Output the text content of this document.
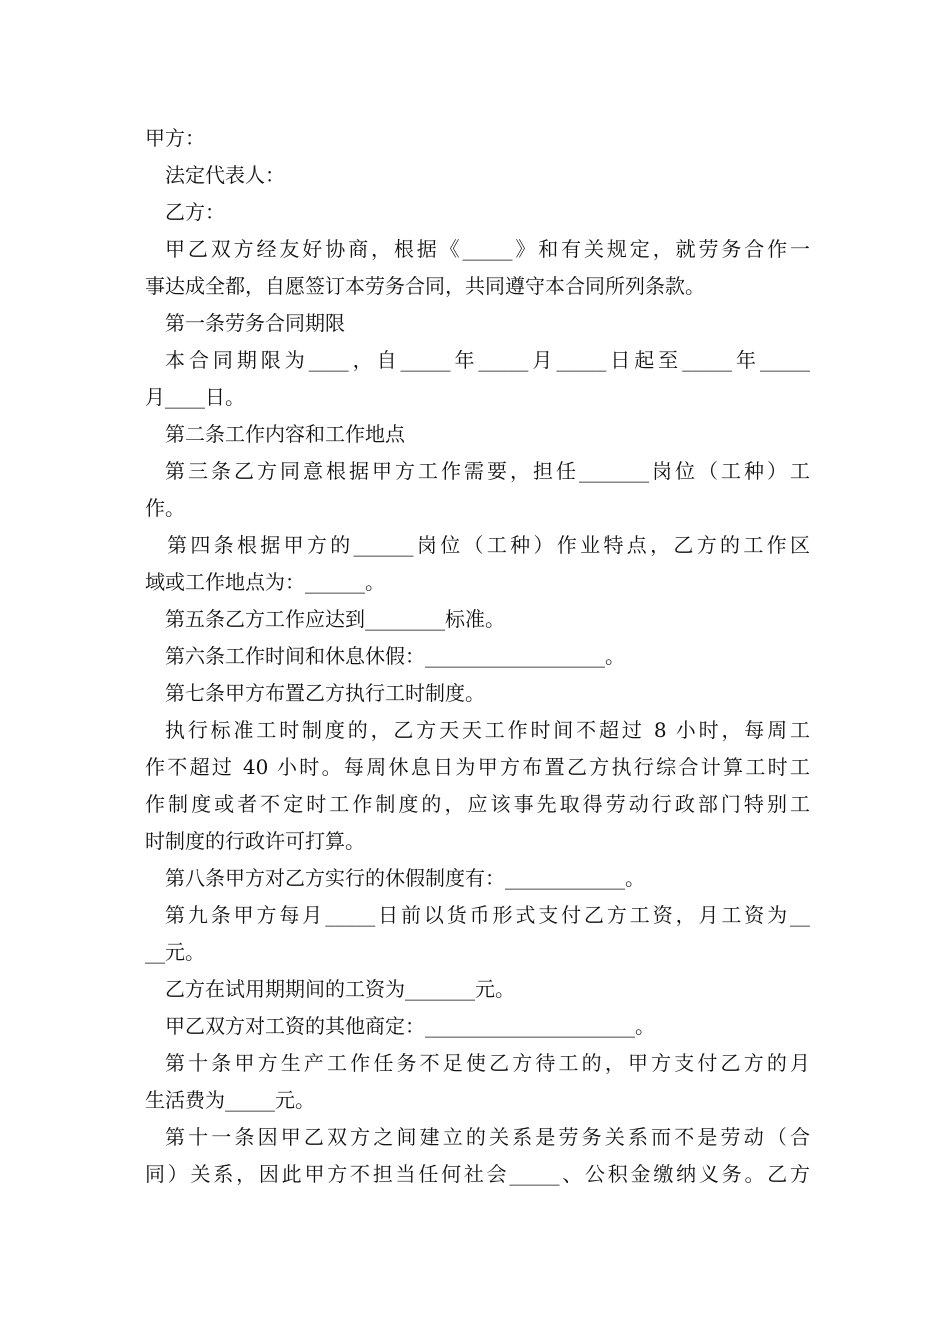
甲方：
法定代表人：
乙方：
甲乙双方经友好协商，根据《_____》和有关规定，就劳务合作一
事达成全都，自愿签订本劳务合同，共同遵守本合同所列条款。
第一条劳务合同期限
本合同期限为____，自_____年_____月_____日起至_____年_____
月____日。
第二条工作内容和工作地点
第三条乙方同意根据甲方工作需要，担任_______岗位（工种）工
作。
第四条根据甲方的______岗位（工种）作业特点，乙方的工作区
域或工作地点为：______。
第五条乙方工作应达到________标准。
第六条工作时间和休息休假：__________________。
第七条甲方布置乙方执行工时制度。
执行标准工时制度的，乙方天天工作时间不超过 8 小时，每周工
作不超过 40 小时。每周休息日为甲方布置乙方执行综合计算工时工
作制度或者不定时工作制度的，应该事先取得劳动行政部门特别工
时制度的行政许可打算。
第八条甲方对乙方实行的休假制度有：____________。
第九条甲方每月_____日前以货币形式支付乙方工资，月工资为__
__元。
乙方在试用期期间的工资为_______元。
甲乙双方对工资的其他商定：_____________________。
第十条甲方生产工作任务不足使乙方待工的，甲方支付乙方的月
生活费为_____元。
第十一条因甲乙双方之间建立的关系是劳务关系而不是劳动（合
同）关系，因此甲方不担当任何社会_____、公积金缴纳义务。乙方
